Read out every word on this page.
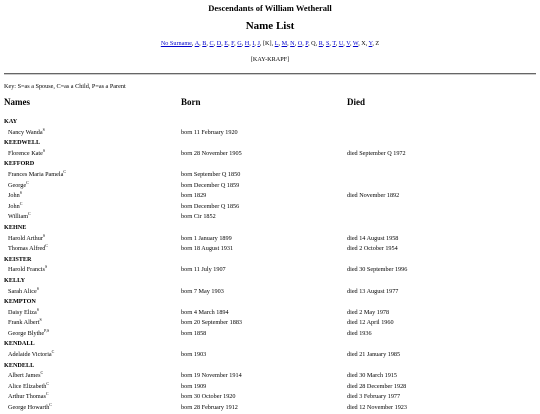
Descendants of William Wetherall
Name List
No Surname, A, B, C, D, E, F, G, H, I, J, [K], L, M, N, O, P, Q, R, S, T, U, V, W, X, Y, Z
[KAY-KRAPF]
Key: S=as a Spouse, C=as a Child, P=as a Parent
Names	Born	Died
KAY
Nancy Wanda$^S$	born 11 February 1920
KEEDWELL
Florence Kate$^S$	born 28 November 1905	died September Q 1972
KEFFORD
Frances Maria Pamela$^C$	born September Q 1850
George$^C$	born December Q 1859
John$^S$	born 1829	died November 1892
John$^C$	born December Q 1856
William$^C$	born Cir 1852
KEHNE
Harold Arthur$^S$	born 1 January 1899	died 14 August 1958
Thomas Alfred$^C$	born 18 August 1931	died 2 October 1954
KEISTER
Harold Francis$^S$	born 11 July 1907	died 30 September 1996
KELLY
Sarah Alice$^S$	born 7 May 1903	died 13 August 1977
KEMPTON
Daisy Eliza$^S$	born 4 March 1894	died 2 May 1978
Frank Albert$^S$	born 20 September 1883	died 12 April 1960
George Blythe$^{P,S}$	born 1858	died 1936
KENDALL
Adelaide Victoria$^C$	born 1903	died 21 January 1985
KENDELL
Albert James$^C$	born 19 November 1914	died 30 March 1915
Alice Elizabeth$^C$	born 1909	died 28 December 1928
Arthur Thomas$^C$	born 30 October 1920	died 3 February 1977
George Howarth$^C$	born 28 February 1912	died 12 November 1923
